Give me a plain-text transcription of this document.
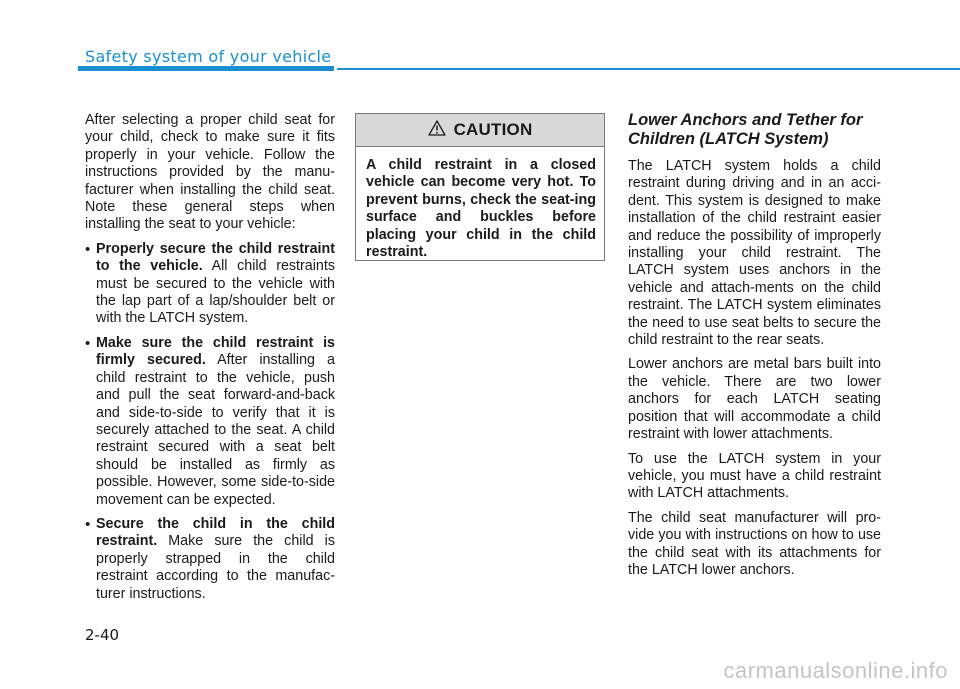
Safety system of your vehicle

After selecting a proper child seat for your child, check to make sure it fits properly in your vehicle. Follow the instructions provided by the manu-facturer when installing the child seat. Note these general steps when installing the seat to your vehicle:

• Properly secure the child restraint to the vehicle. All child restraints must be secured to the vehicle with the lap part of a lap/shoulder belt or with the LATCH system.
• Make sure the child restraint is firmly secured. After installing a child restraint to the vehicle, push and pull the seat forward-and-back and side-to-side to verify that it is securely attached to the seat. A child restraint secured with a seat belt should be installed as firmly as possible. However, some side-to-side movement can be expected.
• Secure the child in the child restraint. Make sure the child is properly strapped in the child restraint according to the manufac-turer instructions.
CAUTION
A child restraint in a closed vehicle can become very hot. To prevent burns, check the seat-ing surface and buckles before placing your child in the child restraint.
Lower Anchors and Tether for Children (LATCH System)

The LATCH system holds a child restraint during driving and in an acci-dent. This system is designed to make installation of the child restraint easier and reduce the possibility of improperly installing your child restraint. The LATCH system uses anchors in the vehicle and attach-ments on the child restraint. The LATCH system eliminates the need to use seat belts to secure the child restraint to the rear seats.

Lower anchors are metal bars built into the vehicle. There are two lower anchors for each LATCH seating position that will accommodate a child restraint with lower attachments.

To use the LATCH system in your vehicle, you must have a child restraint with LATCH attachments.

The child seat manufacturer will pro-vide you with instructions on how to use the child seat with its attachments for the LATCH lower anchors.

2-40
carmanualsonline.info
